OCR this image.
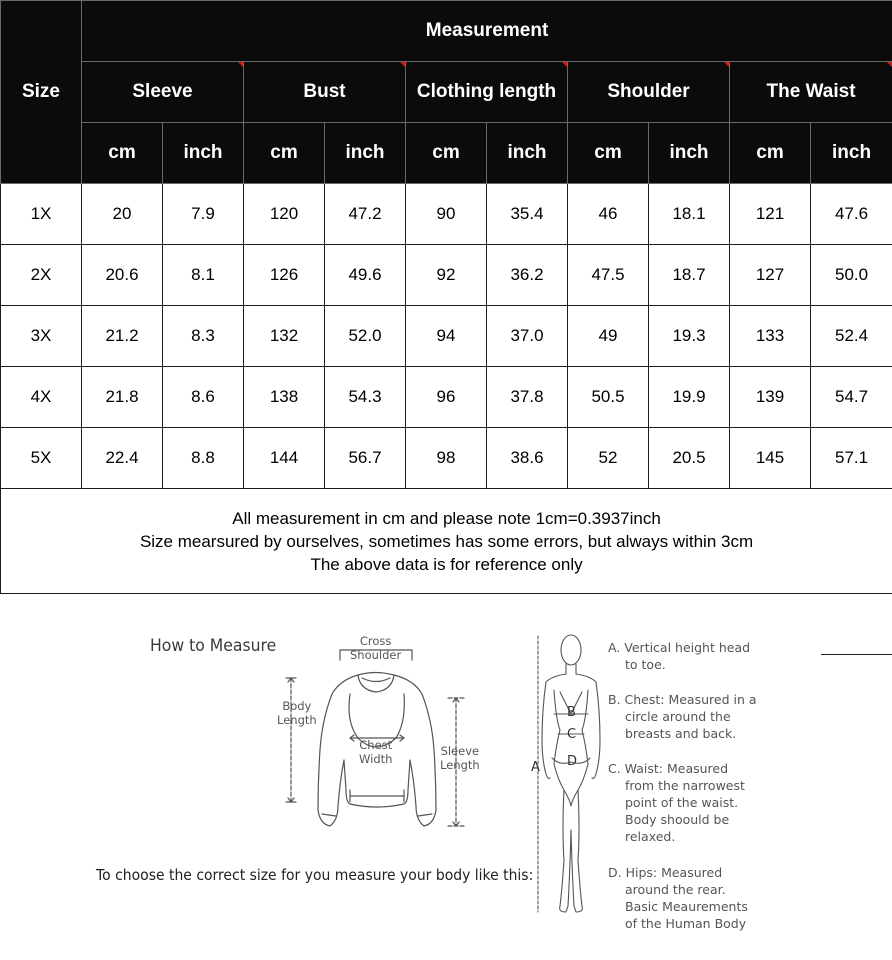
Size	Measurement									
	Sleeve		Bust		Clothing length		Shoulder		The Waist	
	cm	inch	cm	inch	cm	inch	cm	inch	cm	inch
1X	20	7.9	120	47.2	90	35.4	46	18.1	121	47.6
2X	20.6	8.1	126	49.6	92	36.2	47.5	18.7	127	50.0
3X	21.2	8.3	132	52.0	94	37.0	49	19.3	133	52.4
4X	21.8	8.6	138	54.3	96	37.8	50.5	19.9	139	54.7
5X	22.4	8.8	144	56.7	98	38.6	52	20.5	145	57.1

All measurement in cm and please note 1cm=0.3937inch
Size mearsured by ourselves, sometimes has some errors, but always within 3cm
The above data is for reference only										
How to Measure	Cross
Shoulder
Body
Length
Chest
Width
Sleeve
Length
To choose the correct size for you measure your body like this:
A
B
C
D
A. Vertical height head
to toe.
B. Chest: Measured in a
circle around the
breasts and back.
C. Waist: Measured
from the narrowest
point of the waist.
Body shoould be
relaxed.
D. Hips: Measured
around the rear.
Basic Meaurements
of the Human Body
